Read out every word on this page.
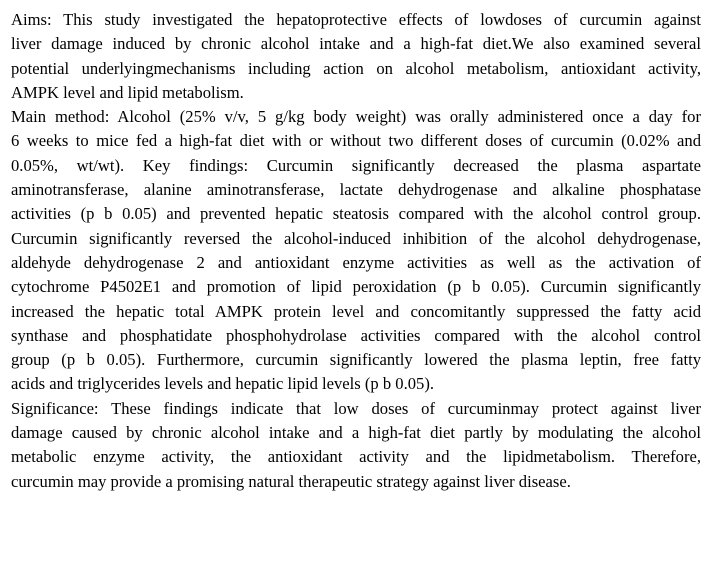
Aims: This study investigated the hepatoprotective effects of lowdoses of curcumin against
liver damage induced by chronic alcohol intake and a high-fat diet.We also examined several
potential underlyingmechanisms including action on alcohol metabolism, antioxidant activity,
AMPK level and lipid metabolism.
Main method: Alcohol (25% v/v, 5 g/kg body weight) was orally administered once a day for
6 weeks to mice fed a high-fat diet with or without two different doses of curcumin (0.02% and
0.05%, wt/wt). Key findings: Curcumin significantly decreased the plasma aspartate
aminotransferase, alanine aminotransferase, lactate dehydrogenase and alkaline phosphatase
activities (p b 0.05) and prevented hepatic steatosis compared with the alcohol control group.
Curcumin significantly reversed the alcohol-induced inhibition of the alcohol dehydrogenase,
aldehyde dehydrogenase 2 and antioxidant enzyme activities as well as the activation of
cytochrome P4502E1 and promotion of lipid peroxidation (p b 0.05). Curcumin significantly
increased the hepatic total AMPK protein level and concomitantly suppressed the fatty acid
synthase and phosphatidate phosphohydrolase activities compared with the alcohol control
group (p b 0.05). Furthermore, curcumin significantly lowered the plasma leptin, free fatty
acids and triglycerides levels and hepatic lipid levels (p b 0.05).
Significance: These findings indicate that low doses of curcuminmay protect against liver
damage caused by chronic alcohol intake and a high-fat diet partly by modulating the alcohol
metabolic enzyme activity, the antioxidant activity and the lipidmetabolism. Therefore,
curcumin may provide a promising natural therapeutic strategy against liver disease.
